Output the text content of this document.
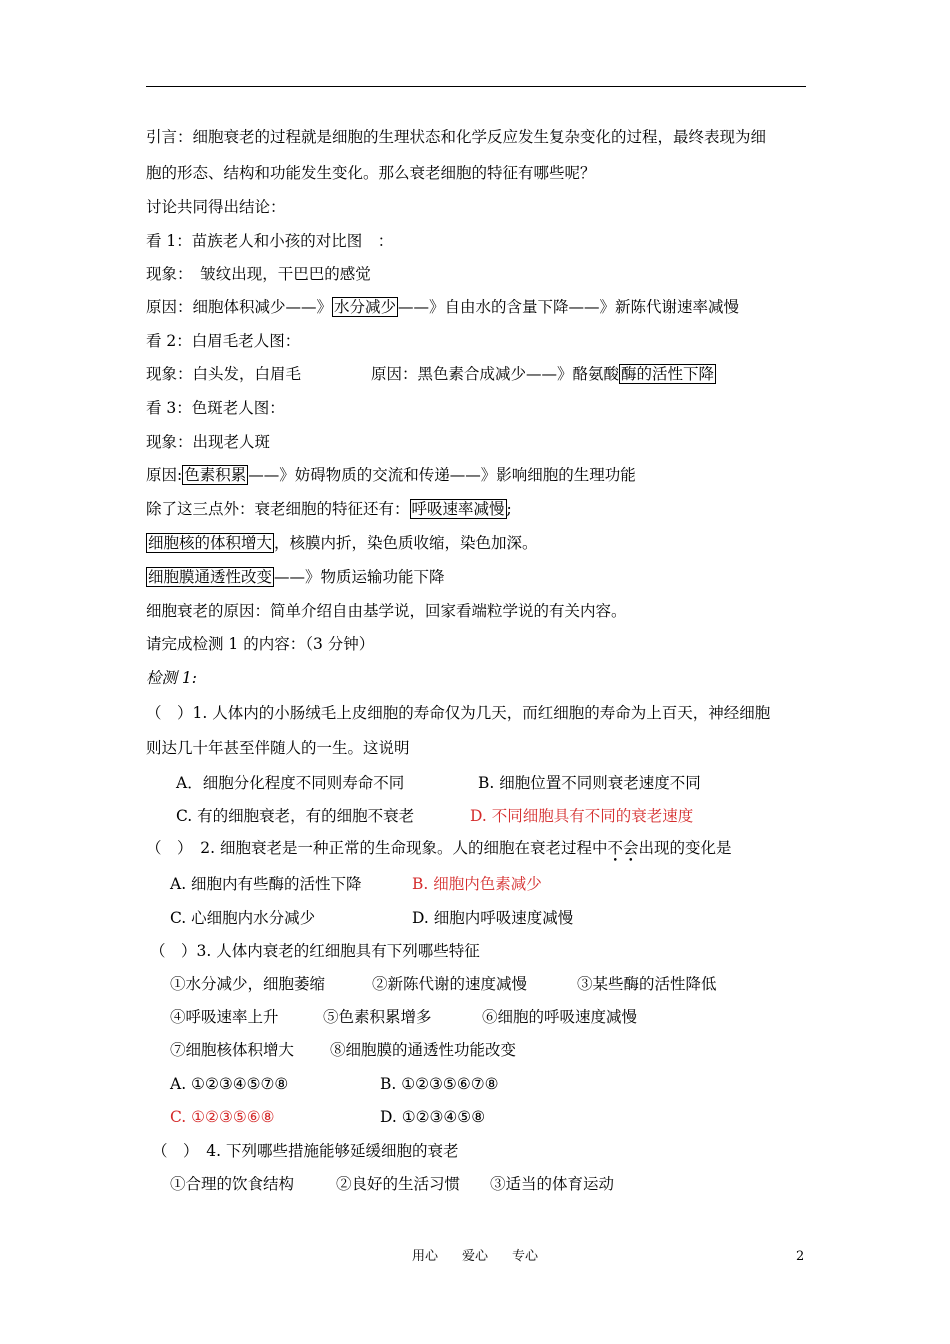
引言：细胞衰老的过程就是细胞的生理状态和化学反应发生复杂变化的过程，最终表现为细
胞的形态、结构和功能发生变化。那么衰老细胞的特征有哪些呢？
讨论共同得出结论：
看 1：苗族老人和小孩的对比图　：
现象：　皱纹出现，干巴巴的感觉
原因：细胞体积减少——》 水分减少 ——》自由水的含量下降——》新陈代谢速率减慢
看 2：白眉毛老人图：
现象：白头发，白眉毛	原因：黑色素合成减少——》酪氨酸 酶的活性下降
看 3：色斑老人图：
现象：出现老人斑
原因: 色素积累 ——》妨碍物质的交流和传递——》影响细胞的生理功能
除了这三点外：衰老细胞的特征还有： 呼吸速率减慢 ;
细胞核的体积增大 ，核膜内折，染色质收缩，染色加深。
细胞膜通透性改变 ——》物质运输功能下降
细胞衰老的原因：简单介绍自由基学说，回家看端粒学说的有关内容。
请完成检测 1 的内容：（3 分钟）
检测 1:
（　）1. 人体内的小肠绒毛上皮细胞的寿命仅为几天，而红细胞的寿命为上百天，神经细胞
则达几十年甚至伴随人的一生。这说明
A．细胞分化程度不同则寿命不同	B. 细胞位置不同则衰老速度不同
C. 有的细胞衰老，有的细胞不衰老	D. 不同细胞具有不同的衰老速度
（　）　2. 细胞衰老是一种正常的生命现象。人的细胞在衰老过程中不会出现的变化是
A. 细胞内有些酶的活性下降	B. 细胞内色素减少
C. 心细胞内水分减少	D. 细胞内呼吸速度减慢
（　）3. 人体内衰老的红细胞具有下列哪些特征
①水分减少，细胞萎缩	②新陈代谢的速度减慢	③某些酶的活性降低
④呼吸速率上升	⑤色素积累增多	⑥细胞的呼吸速度减慢
⑦细胞核体积增大 ⑧细胞膜的通透性功能改变
A. ①②③④⑤⑦⑧	B. ①②③⑤⑥⑦⑧
C. ①②③⑤⑥⑧	D. ①②③④⑤⑧
（　）　4. 下列哪些措施能够延缓细胞的衰老
①合理的饮食结构	②良好的生活习惯 ③适当的体育运动
用心 爱心 专心	2
